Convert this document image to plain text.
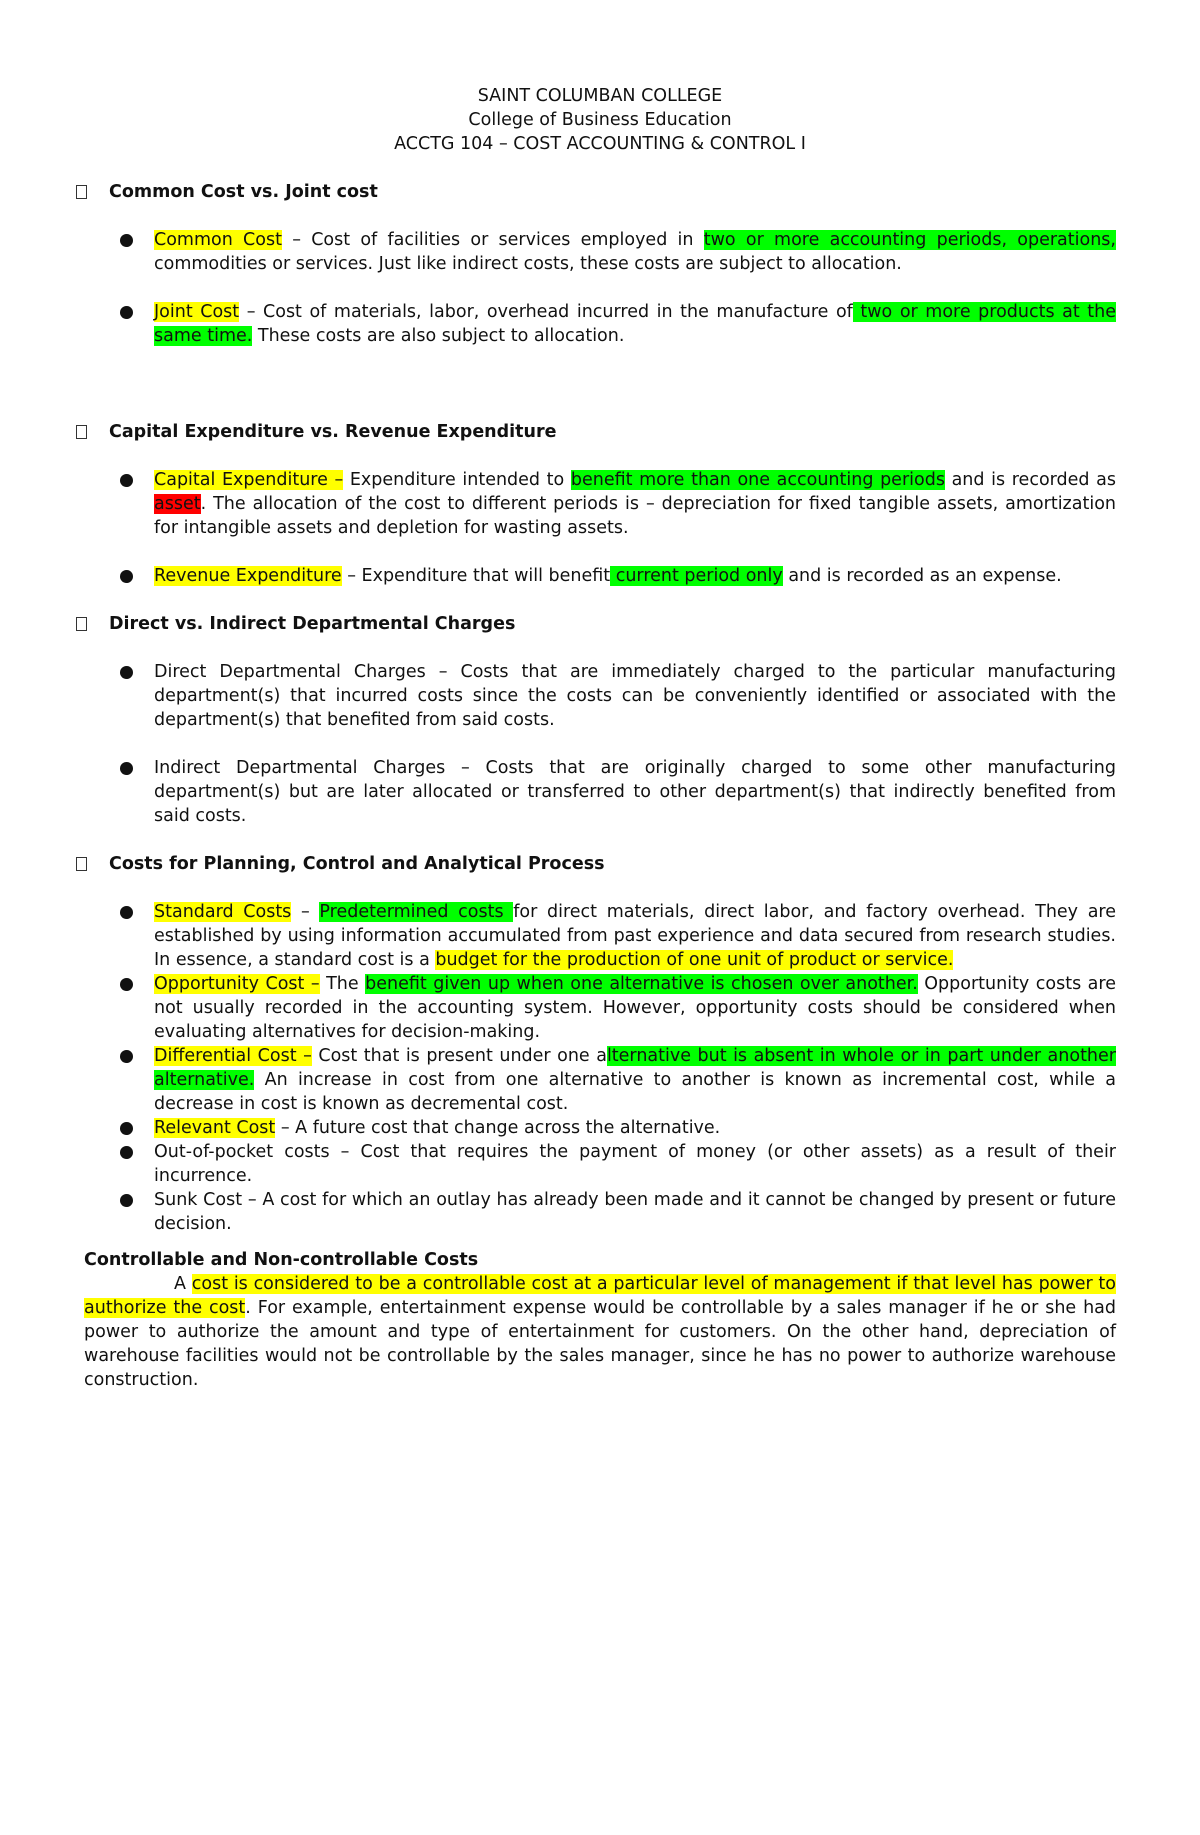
SAINT COLUMBAN COLLEGE
College of Business Education
ACCTG 104 – COST ACCOUNTING & CONTROL I
Common Cost vs. Joint cost
Common Cost – Cost of facilities or services employed in two or more accounting periods, operations, commodities or services. Just like indirect costs, these costs are subject to allocation.
Joint Cost – Cost of materials, labor, overhead incurred in the manufacture of two or more products at the same time. These costs are also subject to allocation.
Capital Expenditure vs. Revenue Expenditure
Capital Expenditure – Expenditure intended to benefit more than one accounting periods and is recorded as asset. The allocation of the cost to different periods is – depreciation for fixed tangible assets, amortization for intangible assets and depletion for wasting assets.
Revenue Expenditure – Expenditure that will benefit current period only and is recorded as an expense.
Direct vs. Indirect Departmental Charges
Direct Departmental Charges – Costs that are immediately charged to the particular manufacturing department(s) that incurred costs since the costs can be conveniently identified or associated with the department(s) that benefited from said costs.
Indirect Departmental Charges – Costs that are originally charged to some other manufacturing department(s) but are later allocated or transferred to other department(s) that indirectly benefited from said costs.
Costs for Planning, Control and Analytical Process
Standard Costs – Predetermined costs for direct materials, direct labor, and factory overhead. They are established by using information accumulated from past experience and data secured from research studies. In essence, a standard cost is a budget for the production of one unit of product or service.
Opportunity Cost – The benefit given up when one alternative is chosen over another. Opportunity costs are not usually recorded in the accounting system. However, opportunity costs should be considered when evaluating alternatives for decision-making.
Differential Cost – Cost that is present under one alternative but is absent in whole or in part under another alternative. An increase in cost from one alternative to another is known as incremental cost, while a decrease in cost is known as decremental cost.
Relevant Cost – A future cost that change across the alternative.
Out-of-pocket costs – Cost that requires the payment of money (or other assets) as a result of their incurrence.
Sunk Cost – A cost for which an outlay has already been made and it cannot be changed by present or future decision.
Controllable and Non-controllable Costs
A cost is considered to be a controllable cost at a particular level of management if that level has power to authorize the cost. For example, entertainment expense would be controllable by a sales manager if he or she had power to authorize the amount and type of entertainment for customers. On the other hand, depreciation of warehouse facilities would not be controllable by the sales manager, since he has no power to authorize warehouse construction.
